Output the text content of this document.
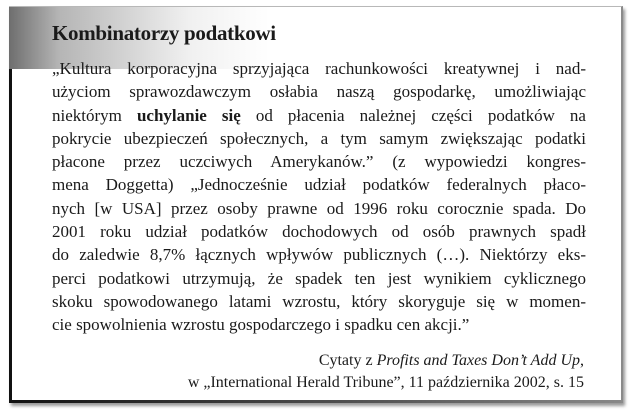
Kombinatorzy podatkowi
„Kultura korporacyjna sprzyjająca rachunkowości kreatywnej i nad-
użyciom sprawozdawczym osłabia naszą gospodarkę, umożliwiając
niektórym uchylanie się od płacenia należnej części podatków na
pokrycie ubezpieczeń społecznych, a tym samym zwiększając podatki
płacone przez uczciwych Amerykanów.” (z wypowiedzi kongres-
mena Doggetta) „Jednocześnie udział podatków federalnych płaco-
nych [w USA] przez osoby prawne od 1996 roku corocznie spada. Do
2001 roku udział podatków dochodowych od osób prawnych spadł
do zaledwie 8,7% łącznych wpływów publicznych (…). Niektórzy eks-
perci podatkowi utrzymują, że spadek ten jest wynikiem cyklicznego
skoku spowodowanego latami wzrostu, który skoryguje się w momen-
cie spowolnienia wzrostu gospodarczego i spadku cen akcji.”
Cytaty z Profits and Taxes Don’t Add Up,
w „International Herald Tribune”, 11 października 2002, s. 15
